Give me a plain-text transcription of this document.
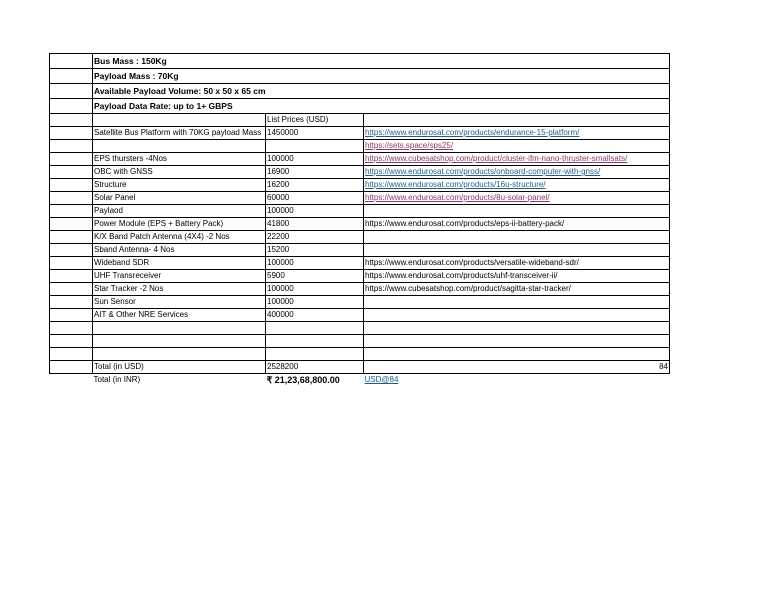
	Bus Mass : 150Kg		
	Payload Mass : 70Kg		
	Available Payload Volume: 50 x 50 x 65 cm		
	Payload Data Rate: up to 1+ GBPS		
		List Prices (USD)	
	Satellite Bus Platform with 70KG payload Mass	1450000	https://www.endurosat.com/products/endurance-15-platform/
			https://sets.space/sps25/
	EPS thursters -4Nos	100000	https://www.cubesatshop.com/product/cluster-ifm-nano-thruster-smallsats/
	OBC with GNSS	16900	https://www.endurosat.com/products/onboard-computer-with-gnss/
	Structure	16200	https://www.endurosat.com/products/16u-structure/
	Solar Panel	60000	https://www.endurosat.com/products/8u-solar-panel/
	Paylaod	100000	
	Power Module (EPS + Battery Pack)	41800	https://www.endurosat.com/products/eps-ii-battery-pack/
	K/X Band Patch Antenna (4X4) -2 Nos	22200	
	Sband Antenna- 4 Nos	15200	
	Wideband SDR	100000	https://www.endurosat.com/products/versatile-wideband-sdr/
	UHF Transreceiver	5900	https://www.endurosat.com/products/uhf-transceiver-ii/
	Star Tracker -2 Nos	100000	https://www.cubesatshop.com/product/sagitta-star-tracker/
	Sun Sensor	100000	
	AIT & Other NRE Services	400000	

	Total (in USD)	2528200	84
	Total (in INR)	₹ 21,23,68,800.00	USD@84
